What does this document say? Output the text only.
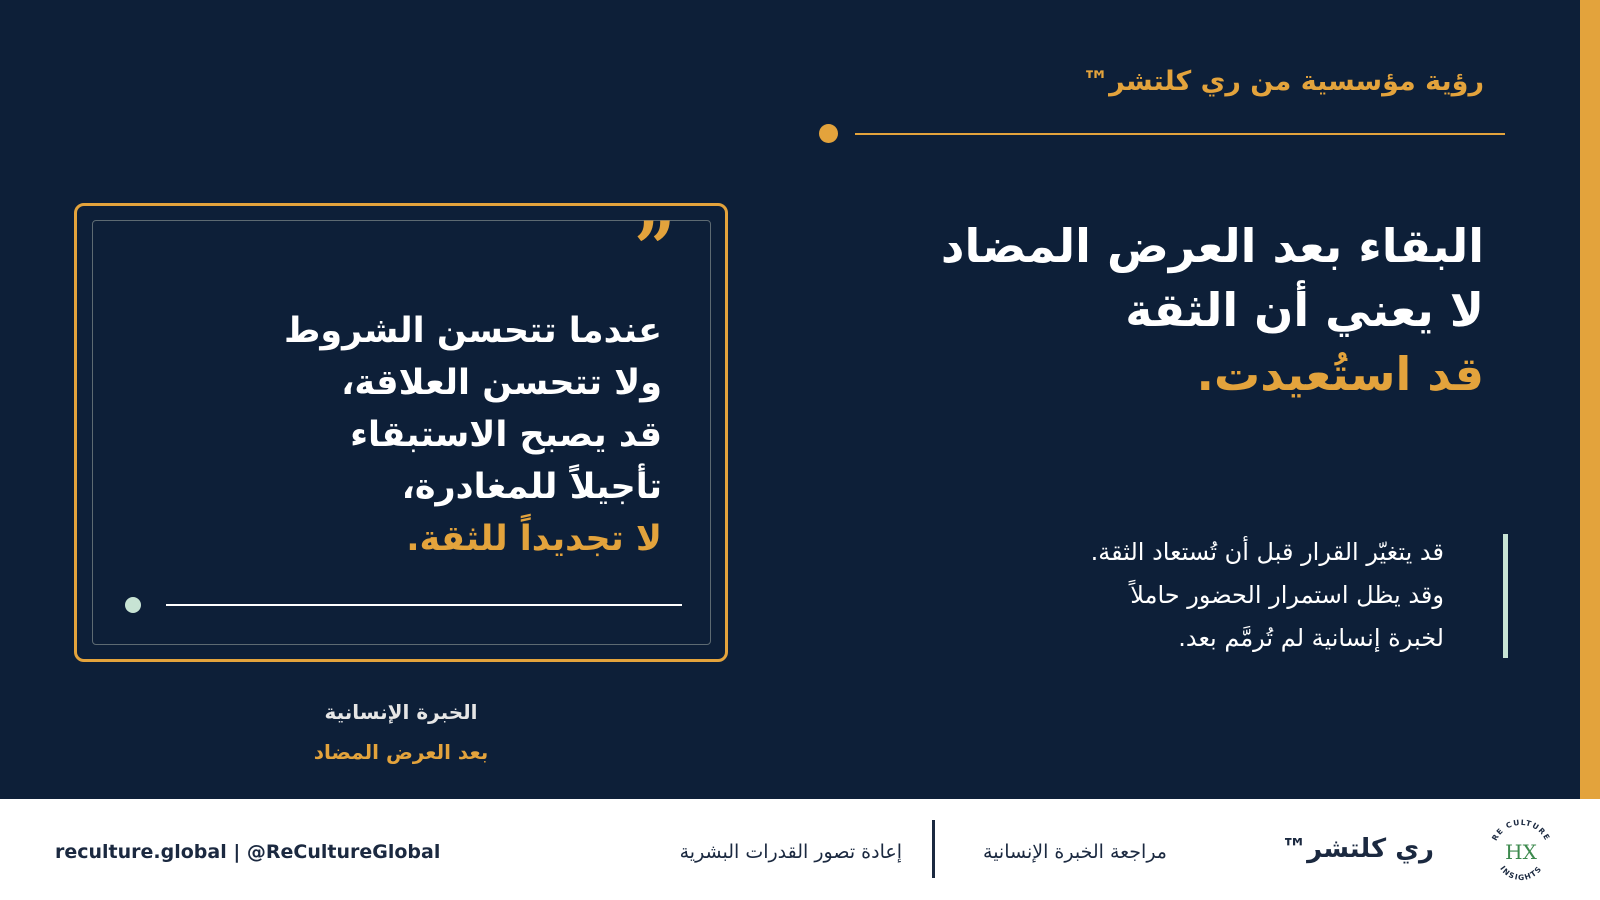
رؤية مؤسسية من ري كلتشر™
البقاء بعد العرض المضاد
لا يعني أن الثقة
قد استُعيدت.
قد يتغيّر القرار قبل أن تُستعاد الثقة.
وقد يظل استمرار الحضور حاملاً
لخبرة إنسانية لم تُرمَّم بعد.
”
عندما تتحسن الشروط
ولا تتحسن العلاقة،
قد يصبح الاستبقاء
تأجيلاً للمغادرة،
لا تجديداً للثقة.
الخبرة الإنسانية
بعد العرض المضاد
reculture.global | @ReCultureGlobal	إعادة تصور القدرات البشرية	مراجعة الخبرة الإنسانية	ري كلتشر™	RE CULTURE
INSIGHTS
HX
